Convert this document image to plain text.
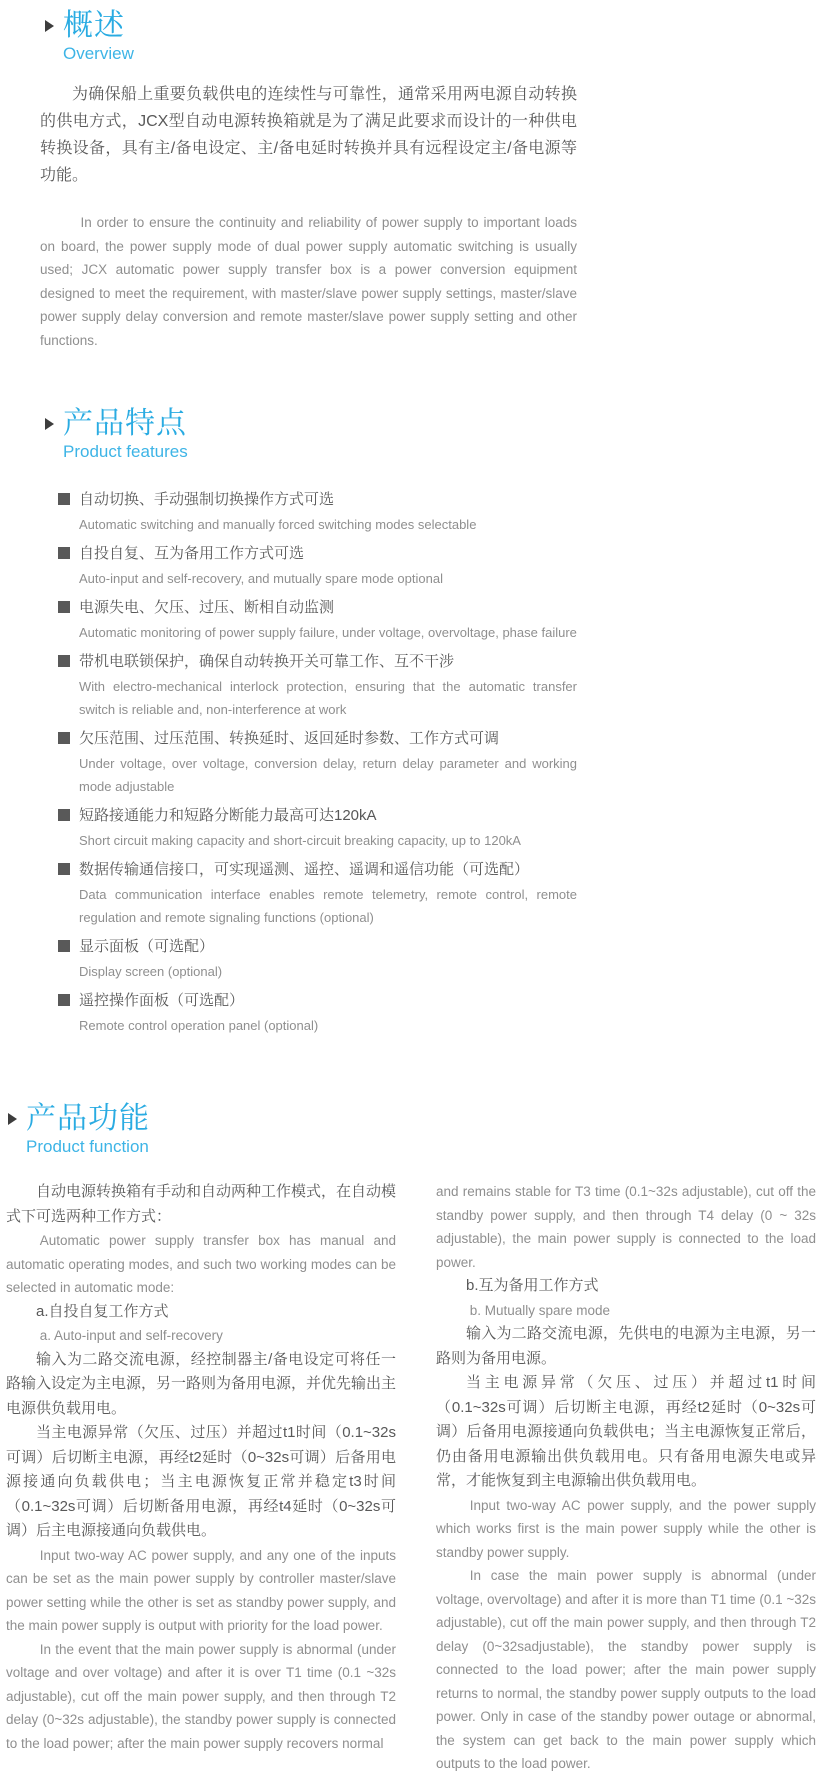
概述
Overview

为确保船上重要负载供电的连续性与可靠性，通常采用两电源自动转换的供电方式，JCX型自动电源转换箱就是为了满足此要求而设计的一种供电转换设备，具有主/备电设定、主/备电延时转换并具有远程设定主/备电源等功能。

In order to ensure the continuity and reliability of power supply to important loads on board, the power supply mode of dual power supply automatic switching is usually used; JCX automatic power supply transfer box is a power conversion equipment designed to meet the requirement, with master/slave power supply settings, master/slave power supply delay conversion and remote master/slave power supply setting and other functions.

产品特点
Product features
自动切换、手动强制切换操作方式可选
Automatic switching and manually forced switching modes selectable
自投自复、互为备用工作方式可选
Auto-input and self-recovery, and mutually spare mode optional
电源失电、欠压、过压、断相自动监测
Automatic monitoring of power supply failure, under voltage, overvoltage, phase failure
带机电联锁保护，确保自动转换开关可靠工作、互不干涉
With electro-mechanical interlock protection, ensuring that the automatic transfer switch is reliable and, non-interference at work
欠压范围、过压范围、转换延时、返回延时参数、工作方式可调
Under voltage, over voltage, conversion delay, return delay parameter and working mode adjustable
短路接通能力和短路分断能力最高可达120kA
Short circuit making capacity and short-circuit breaking capacity, up to 120kA
数据传输通信接口，可实现遥测、遥控、遥调和遥信功能（可选配）
Data communication interface enables remote telemetry, remote control, remote regulation and remote signaling functions (optional)
显示面板（可选配）
Display screen (optional)
遥控操作面板（可选配）
Remote control operation panel (optional)
产品功能
Product function

自动电源转换箱有手动和自动两种工作模式，在自动模式下可选两种工作方式：

Automatic power supply transfer box has manual and automatic operating modes, and such two working modes can be selected in automatic mode:

a.自投自复工作方式

a. Auto-input and self-recovery

输入为二路交流电源，经控制器主/备电设定可将任一路输入设定为主电源，另一路则为备用电源，并优先输出主电源供负载用电。

当主电源异常（欠压、过压）并超过t1时间（0.1~32s可调）后切断主电源，再经t2延时（0~32s可调）后备用电源接通向负载供电；当主电源恢复正常并稳定t3时间（0.1~32s可调）后切断备用电源，再经t4延时（0~32s可调）后主电源接通向负载供电。

Input two-way AC power supply, and any one of the inputs can be set as the main power supply by controller master/slave power setting while the other is set as standby power supply, and the main power supply is output with priority for the load power.

In the event that the main power supply is abnormal (under voltage and over voltage) and after it is over T1 time (0.1 ~32s adjustable), cut off the main power supply, and then through T2 delay (0~32s adjustable), the standby power supply is connected to the load power; after the main power supply recovers normal

and remains stable for T3 time (0.1~32s adjustable), cut off the standby power supply, and then through T4 delay (0 ~ 32s adjustable), the main power supply is connected to the load power.

b.互为备用工作方式

b. Mutually spare mode

输入为二路交流电源，先供电的电源为主电源，另一路则为备用电源。

当主电源异常（欠压、过压）并超过t1时间（0.1~32s可调）后切断主电源，再经t2延时（0~32s可调）后备用电源接通向负载供电；当主电源恢复正常后，仍由备用电源输出供负载用电。只有备用电源失电或异常，才能恢复到主电源输出供负载用电。

Input two-way AC power supply, and the power supply which works first is the main power supply while the other is standby power supply.

In case the main power supply is abnormal (under voltage, overvoltage) and after it is more than T1 time (0.1 ~32s adjustable), cut off the main power supply, and then through T2 delay (0~32sadjustable), the standby power supply is connected to the load power; after the main power supply returns to normal, the standby power supply outputs to the load power. Only in case of the standby power outage or abnormal, the system can get back to the main power supply which outputs to the load power.
